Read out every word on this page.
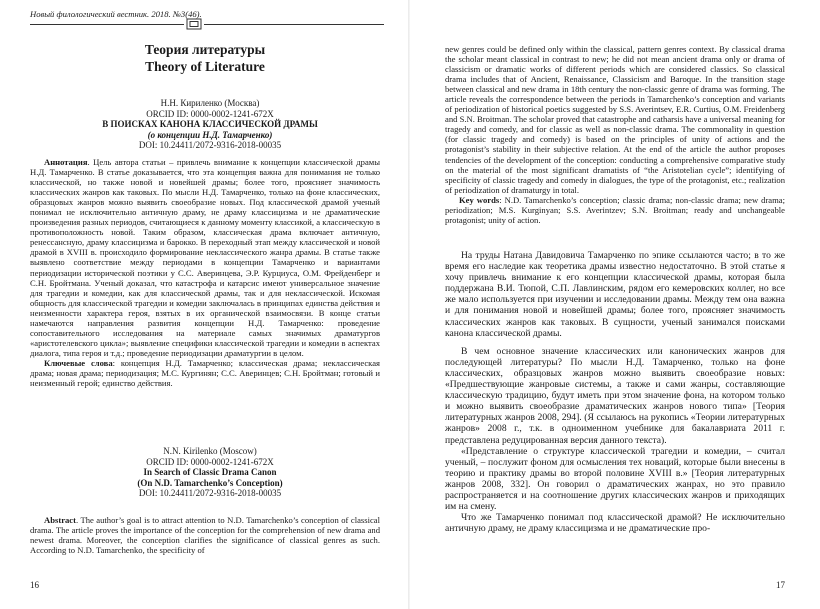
Новый филологический вестник. 2018. №3(46).
Теория литературы
Theory of Literature
Н.Н. Кириленко (Москва)
ORCID ID: 0000-0002-1241-672X
В ПОИСКАХ КАНОНА КЛАССИЧЕСКОЙ ДРАМЫ
(о концепции Н.Д. Тамарченко)
DOI: 10.24411/2072-9316-2018-00035

Аннотация. Цель автора статьи – привлечь внимание к концепции классической драмы Н.Д. Тамарченко. В статье доказывается, что эта концепция важна для понимания не только классической, но также новой и новейшей драмы; более того, проясняет значимость классических жанров как таковых. По мысли Н.Д. Тамарченко, только на фоне классических, образцовых жанров можно выявить своеобразие новых. Под классической драмой ученый понимал не исключительно античную драму, не драму классицизма и не драматические произведения разных периодов, считающиеся к данному моменту классикой, а классическую в противоположность новой. Таким образом, классическая драма включает античную, ренессансную, драму классицизма и барокко. В переходный этап между классической и новой драмой в XVIII в. происходило формирование неклассического жанра драмы. В статье также выявлено соответствие между периодами в концепции Тамарченко и вариантами периодизации исторической поэтики у С.С. Аверинцева, Э.Р. Курциуса, О.М. Фрейденберг и С.Н. Бройтмана. Ученый доказал, что катастрофа и катарсис имеют универсальное значение для трагедии и комедии, как для классической драмы, так и для неклассической. Искомая общность для классической трагедии и комедии заключалась в принципах единства действия и неизменности характера героя, взятых в их органической взаимосвязи. В конце статьи намечаются направления развития концепции Н.Д. Тамарченко: проведение сопоставительного исследования на материале самых значимых драматургов «аристотелевского цикла»; выявление специфики классической трагедии и комедии в аспектах диалога, типа героя и т.д.; проведение периодизации драматургии в целом.

Ключевые слова: концепция Н.Д. Тамарченко; классическая драма; неклассическая драма; новая драма; периодизация; М.С. Кургинян; С.С. Аверинцев; С.Н. Бройтман; готовый и неизменный герой; единство действия.

N.N. Kirilenko (Moscow)
ORCID ID: 0000-0002-1241-672X
In Search of Classic Drama Canon
(On N.D. Tamarchenko’s Conception)
DOI: 10.24411/2072-9316-2018-00035

Abstract. The author’s goal is to attract attention to N.D. Tamarchenko’s conception of classical drama. The article proves the importance of the conception for the comprehension of new drama and newest drama. Moreover, the conception clarifies the significance of classical genres as such. According to N.D. Tamarchenko, the specificity of

16	17

new genres could be defined only within the classical, pattern genres context. By classical drama the scholar meant classical in contrast to new; he did not mean ancient drama only or drama of classicism or dramatic works of different periods which are considered classics. So classical drama includes that of Ancient, Renaissance, Classicism and Baroque. In the transition stage between classical and new drama in 18th century the non-classic genre of drama was forming. The article reveals the correspondence between the periods in Tamarchenko’s conception and variants of periodization of historical poetics suggested by S.S. Averintsev, E.R. Curtius, O.M. Freidenberg and S.N. Broitman. The scholar proved that catastrophe and catharsis have a universal meaning for tragedy and comedy, and for classic as well as non-classic drama. The commonality in question (for classic tragedy and comedy) is based on the principles of unity of actions and the protagonist’s stability in their subjective relation. At the end of the article the author proposes tendencies of the development of the conception: conducting a comprehensive comparative study on the material of the most significant dramatists of “the Aristotelian cycle”; identifying of specificity of classic tragedy and comedy in dialogues, the type of the protagonist, etc.; realization of periodization of dramaturgy in total.

Key words: N.D. Tamarchenko’s conception; classic drama; non-classic drama; new drama; periodization; M.S. Kurginyan; S.S. Averintzev; S.N. Broitman; ready and unchangeable protagonist; unity of action.

На труды Натана Давидовича Тамарченко по эпике ссылаются часто; в то же время его наследие как теоретика драмы известно недостаточно. В этой статье я хочу привлечь внимание к его концепции классической драмы, которая была поддержана В.И. Тюпой, С.П. Лавлинским, рядом его кемеровских коллег, но все же мало используется при изучении и исследовании драмы. Между тем она важна и для понимания новой и новейшей драмы; более того, проясняет значимость классических жанров как таковых. В сущности, ученый занимался поисками канона классической драмы.

В чем основное значение классических или канонических жанров для последующей литературы? По мысли Н.Д. Тамарченко, только на фоне классических, образцовых жанров можно выявить своеобразие новых: «Предшествующие жанровые системы, а также и сами жанры, составляющие классическую традицию, будут иметь при этом значение фона, на котором только и можно выявить своеобразие драматических жанров нового типа» [Теория литературных жанров 2008, 294]. (Я ссылаюсь на рукопись «Теории литературных жанров» 2008 г., т.к. в одноименном учебнике для бакалавриата 2011 г. представлена редуцированная версия данного текста).

«Представление о структуре классической трагедии и комедии, – считал ученый, – послужит фоном для осмысления тех новаций, которые были внесены в теорию и практику драмы во второй половине XVIII в.» [Теория литературных жанров 2008, 332]. Он говорил о драматических жанрах, но это правило распространяется и на соотношение других классических жанров и приходящих им на смену.

Что же Тамарченко понимал под классической драмой? Не исключительно античную драму, не драму классицизма и не драматические про-
